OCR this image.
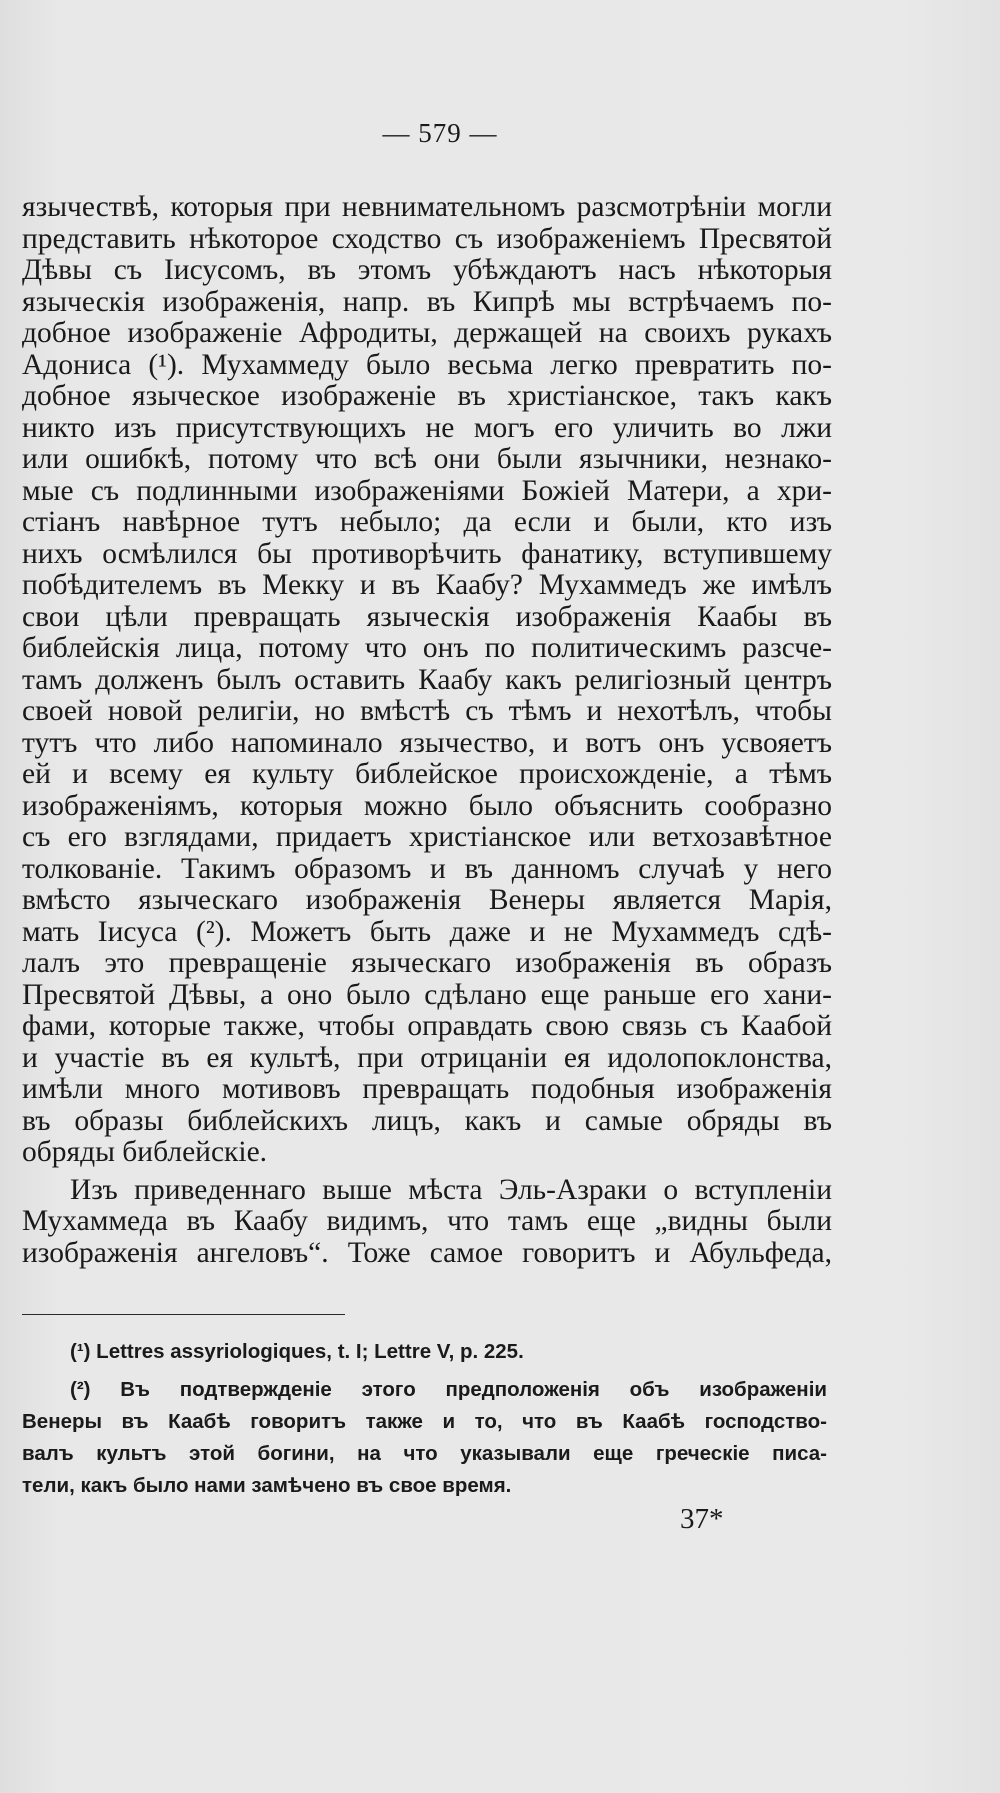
— 579 —
язычествѣ, которыя при невнимательномъ разсмотрѣніи могли
представить нѣкоторое сходство съ изображеніемъ Пресвятой
Дѣвы съ Іисусомъ, въ этомъ убѣждаютъ насъ нѣкоторыя
языческія изображенія, напр. въ Кипрѣ мы встрѣчаемъ по-
добное изображеніе Афродиты, держащей на своихъ рукахъ
Адониса (¹). Мухаммеду было весьма легко превратить по-
добное языческое изображеніе въ христіанское, такъ какъ
никто изъ присутствующихъ не могъ его уличить во лжи
или ошибкѣ, потому что всѣ они были язычники, незнако-
мые съ подлинными изображеніями Божіей Матери, а хри-
стіанъ навѣрное тутъ небыло; да если и были, кто изъ
нихъ осмѣлился бы противорѣчить фанатику, вступившему
побѣдителемъ въ Мекку и въ Каабу? Мухаммедъ же имѣлъ
свои цѣли превращать языческія изображенія Каабы въ
библейскія лица, потому что онъ по политическимъ разсче-
тамъ долженъ былъ оставить Каабу какъ религіозный центръ
своей новой религіи, но вмѣстѣ съ тѣмъ и нехотѣлъ, чтобы
тутъ что либо напоминало язычество, и вотъ онъ усвояетъ
ей и всему ея культу библейское происхожденіе, а тѣмъ
изображеніямъ, которыя можно было объяснить сообразно
съ его взглядами, придаетъ христіанское или ветхозавѣтное
толкованіе. Такимъ образомъ и въ данномъ случаѣ у него
вмѣсто языческаго изображенія Венеры является Марія,
мать Іисуса (²). Можетъ быть даже и не Мухаммедъ сдѣ-
лалъ это превращеніе языческаго изображенія въ образъ
Пресвятой Дѣвы, а оно было сдѣлано еще раньше его хани-
фами, которые также, чтобы оправдать свою связь съ Каабой
и участіе въ ея культѣ, при отрицаніи ея идолопоклонства,
имѣли много мотивовъ превращать подобныя изображенія
въ образы библейскихъ лицъ, какъ и самые обряды въ
обряды библейскіе.
Изъ приведеннаго выше мѣста Эль-Азраки о вступленіи
Мухаммеда въ Каабу видимъ, что тамъ еще „видны были
изображенія ангеловъ“. Тоже самое говоритъ и Абульфеда,
(¹) Lettres assyriologiques, t. I; Lettre V, p. 225.
(²) Въ подтвержденіе этого предположенія объ изображеніи
Венеры въ Каабѣ говоритъ также и то, что въ Каабѣ господство-
валъ культъ этой богини, на что указывали еще греческіе писа-
тели, какъ было нами замѣчено въ свое время.
37*
